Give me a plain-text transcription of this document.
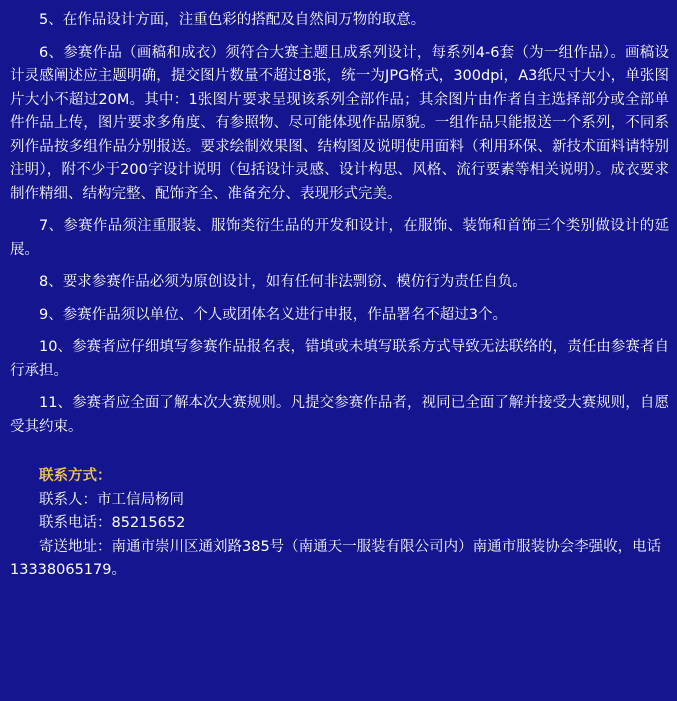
5、在作品设计方面，注重色彩的搭配及自然间万物的取意。

6、参赛作品（画稿和成衣）须符合大赛主题且成系列设计，每系列4-6套（为一组作品）。画稿设计灵感阐述应主题明确，提交图片数量不超过8张，统一为JPG格式，300dpi，A3纸尺寸大小，单张图片大小不超过20M。其中：1张图片要求呈现该系列全部作品；其余图片由作者自主选择部分或全部单件作品上传，图片要求多角度、有参照物、尽可能体现作品原貌。一组作品只能报送一个系列，不同系列作品按多组作品分别报送。要求绘制效果图、结构图及说明使用面料（利用环保、新技术面料请特别注明），附不少于200字设计说明（包括设计灵感、设计构思、风格、流行要素等相关说明）。成衣要求制作精细、结构完整、配饰齐全、准备充分、表现形式完美。

7、参赛作品须注重服装、服饰类衍生品的开发和设计，在服饰、装饰和首饰三个类别做设计的延展。

8、要求参赛作品必须为原创设计，如有任何非法剽窃、模仿行为责任自负。

9、参赛作品须以单位、个人或团体名义进行申报，作品署名不超过3个。

10、参赛者应仔细填写参赛作品报名表，错填或未填写联系方式导致无法联络的，责任由参赛者自行承担。

11、参赛者应全面了解本次大赛规则。凡提交参赛作品者，视同已全面了解并接受大赛规则，自愿受其约束。

联系方式：

联系人：市工信局杨同

联系电话：85215652

寄送地址：南通市崇川区通刘路385号（南通天一服装有限公司内）南通市服装协会李强收，电话13338065179。
